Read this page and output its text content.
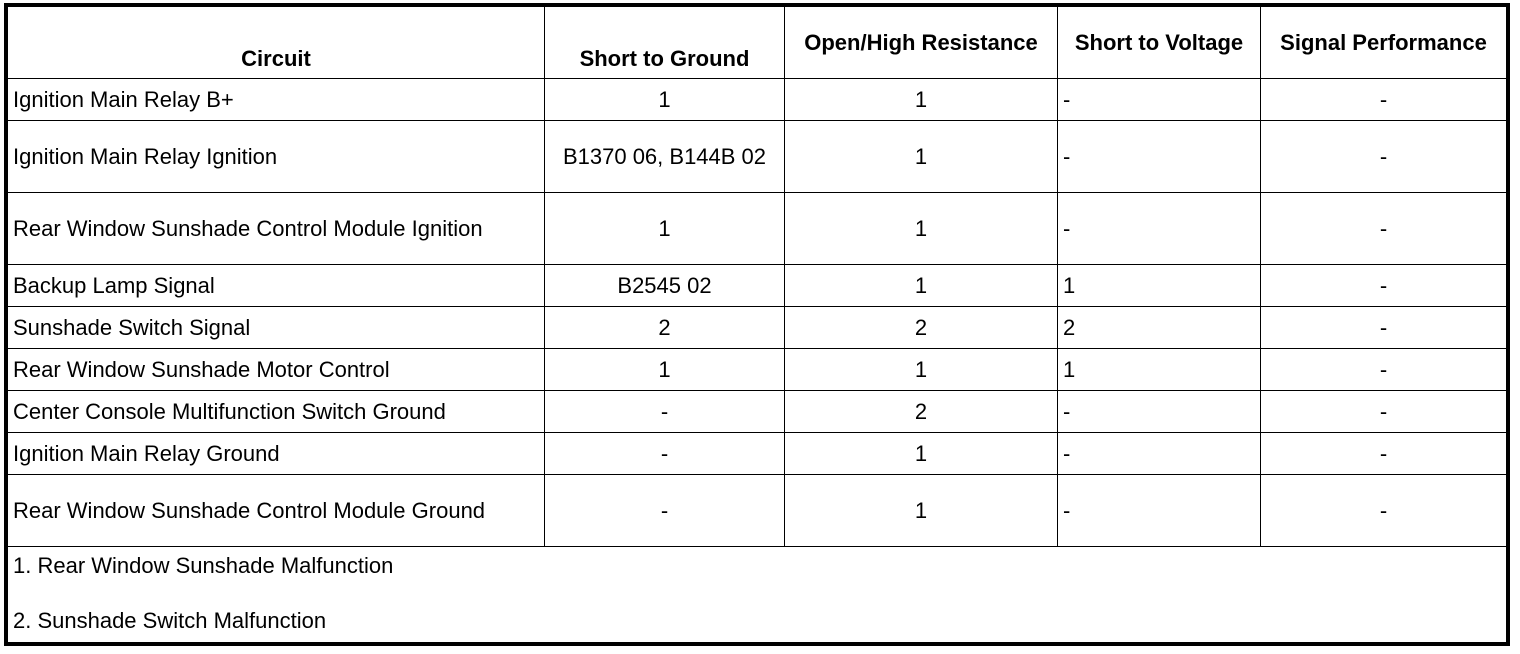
Circuit	Short to Ground	Open/High Resistance	Short to Voltage	Signal Performance
Ignition Main Relay B+	1	1	-	-
Ignition Main Relay Ignition	B1370 06, B144B 02	1	-	-
Rear Window Sunshade Control Module Ignition	1	1	-	-
Backup Lamp Signal	B2545 02	1	1	-
Sunshade Switch Signal	2	2	2	-
Rear Window Sunshade Motor Control	1	1	1	-
Center Console Multifunction Switch Ground	-	2	-	-
Ignition Main Relay Ground	-	1	-	-
Rear Window Sunshade Control Module Ground	-	1	-	-

1. Rear Window Sunshade Malfunction
2. Sunshade Switch Malfunction				
